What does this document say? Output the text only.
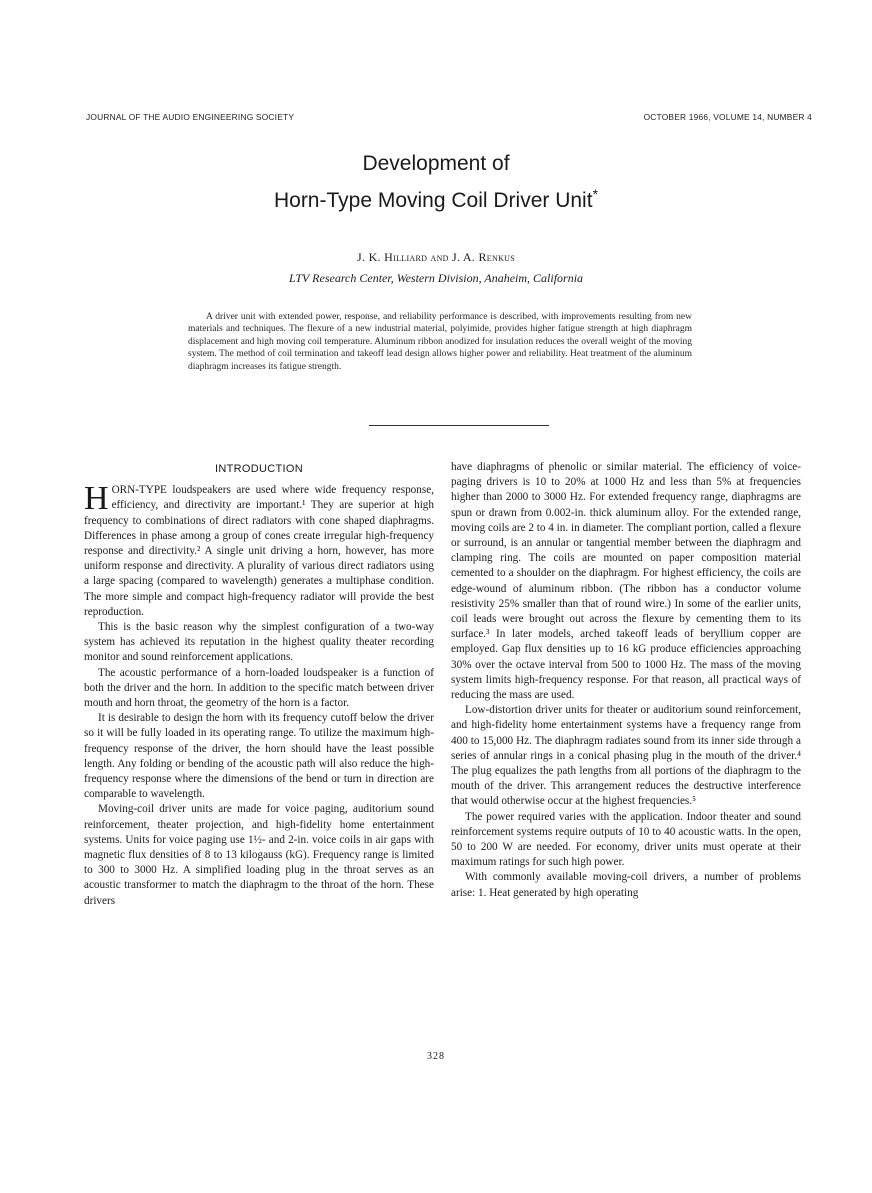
JOURNAL OF THE AUDIO ENGINEERING SOCIETY	OCTOBER 1966, VOLUME 14, NUMBER 4
Development of
Horn-Type Moving Coil Driver Unit*
J. K. Hilliard and J. A. Renkus
LTV Research Center, Western Division, Anaheim, California

A driver unit with extended power, response, and reliability performance is described, with improvements resulting from new materials and techniques. The flexure of a new industrial material, polyimide, provides higher fatigue strength at high diaphragm displacement and high moving coil temperature. Aluminum ribbon anodized for insulation reduces the overall weight of the moving system. The method of coil termination and takeoff lead design allows higher power and reliability. Heat treatment of the aluminum diaphragm increases its fatigue strength.

INTRODUCTION

HORN-TYPE loudspeakers are used where wide frequency response, efficiency, and directivity are important.¹ They are superior at high frequency to combinations of direct radiators with cone shaped diaphragms. Differences in phase among a group of cones create irregular high-frequency response and directivity.² A single unit driving a horn, however, has more uniform response and directivity. A plurality of various direct radiators using a large spacing (compared to wavelength) generates a multiphase condition. The more simple and compact high-frequency radiator will provide the best reproduction.

This is the basic reason why the simplest configuration of a two-way system has achieved its reputation in the highest quality theater recording monitor and sound reinforcement applications.

The acoustic performance of a horn-loaded loudspeaker is a function of both the driver and the horn. In addition to the specific match between driver mouth and horn throat, the geometry of the horn is a factor.

It is desirable to design the horn with its frequency cutoff below the driver so it will be fully loaded in its operating range. To utilize the maximum high-frequency response of the driver, the horn should have the least possible length. Any folding or bending of the acoustic path will also reduce the high-frequency response where the dimensions of the bend or turn in direction are comparable to wavelength.

Moving-coil driver units are made for voice paging, auditorium sound reinforcement, theater projection, and high-fidelity home entertainment systems. Units for voice paging use 1½- and 2-in. voice coils in air gaps with magnetic flux densities of 8 to 13 kilogauss (kG). Frequency range is limited to 300 to 3000 Hz. A simplified loading plug in the throat serves as an acoustic transformer to match the diaphragm to the throat of the horn. These drivers

have diaphragms of phenolic or similar material. The efficiency of voice-paging drivers is 10 to 20% at 1000 Hz and less than 5% at frequencies higher than 2000 to 3000 Hz. For extended frequency range, diaphragms are spun or drawn from 0.002-in. thick aluminum alloy. For the extended range, moving coils are 2 to 4 in. in diameter. The compliant portion, called a flexure or surround, is an annular or tangential member between the diaphragm and clamping ring. The coils are mounted on paper composition material cemented to a shoulder on the diaphragm. For highest efficiency, the coils are edge-wound of aluminum ribbon. (The ribbon has a conductor volume resistivity 25% smaller than that of round wire.) In some of the earlier units, coil leads were brought out across the flexure by cementing them to its surface.³ In later models, arched takeoff leads of beryllium copper are employed. Gap flux densities up to 16 kG produce efficiencies approaching 30% over the octave interval from 500 to 1000 Hz. The mass of the moving system limits high-frequency response. For that reason, all practical ways of reducing the mass are used.

Low-distortion driver units for theater or auditorium sound reinforcement, and high-fidelity home entertainment systems have a frequency range from 400 to 15,000 Hz. The diaphragm radiates sound from its inner side through a series of annular rings in a conical phasing plug in the mouth of the driver.⁴ The plug equalizes the path lengths from all portions of the diaphragm to the mouth of the driver. This arrangement reduces the destructive interference that would otherwise occur at the highest frequencies.⁵

The power required varies with the application. Indoor theater and sound reinforcement systems require outputs of 10 to 40 acoustic watts. In the open, 50 to 200 W are needed. For economy, driver units must operate at their maximum ratings for such high power.

With commonly available moving-coil drivers, a number of problems arise: 1. Heat generated by high operating

328
